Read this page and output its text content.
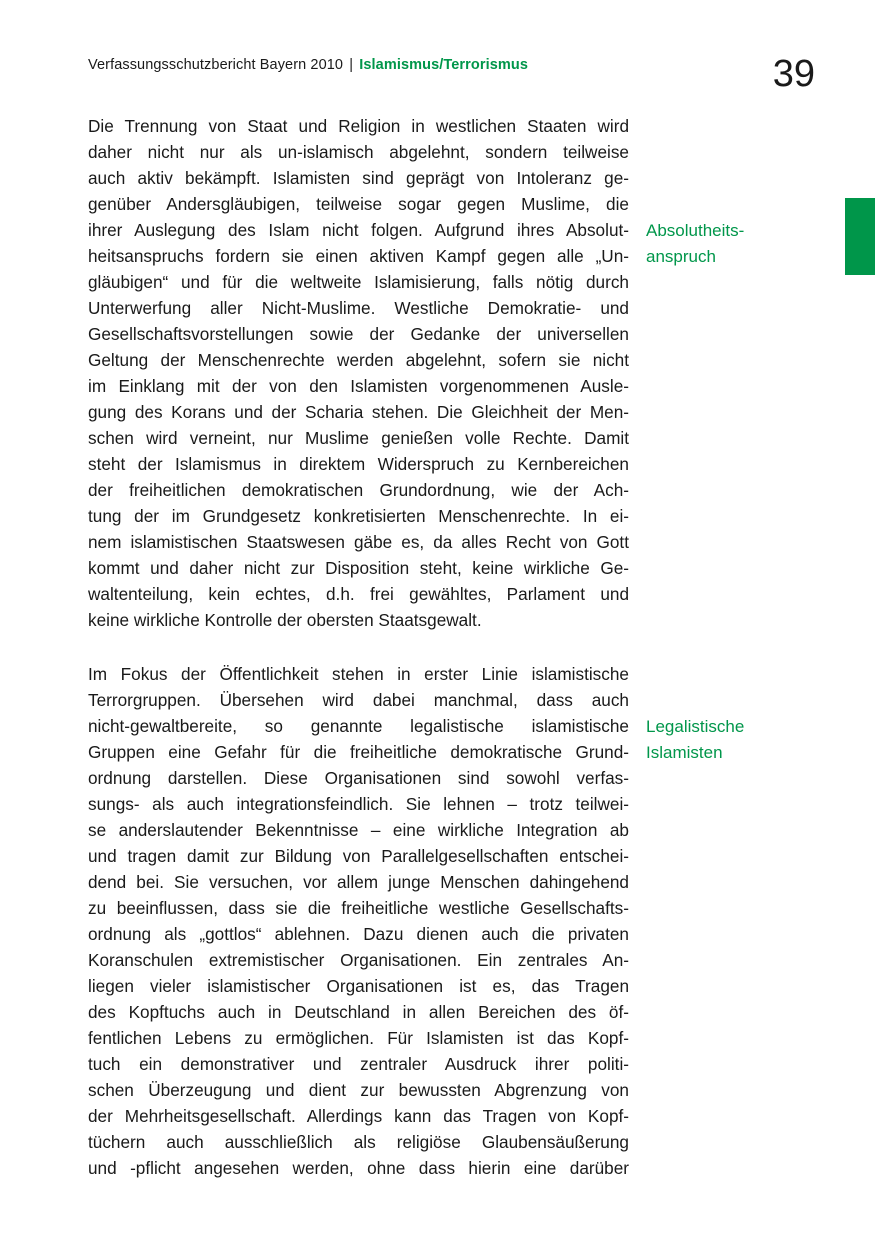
Verfassungsschutzbericht Bayern 2010 | Islamismus/Terrorismus	39
Die Trennung von Staat und Religion in westlichen Staaten wird
daher nicht nur als un-islamisch abgelehnt, sondern teilweise
auch aktiv bekämpft. Islamisten sind geprägt von Intoleranz ge-
genüber Andersgläubigen, teilweise sogar gegen Muslime, die
ihrer Auslegung des Islam nicht folgen. Aufgrund ihres Absolut-
heitsanspruchs fordern sie einen aktiven Kampf gegen alle „Un-
gläubigen“ und für die weltweite Islamisierung, falls nötig durch
Unterwerfung aller Nicht-Muslime. Westliche Demokratie- und
Gesellschaftsvorstellungen sowie der Gedanke der universellen
Geltung der Menschenrechte werden abgelehnt, sofern sie nicht
im Einklang mit der von den Islamisten vorgenommenen Ausle-
gung des Korans und der Scharia stehen. Die Gleichheit der Men-
schen wird verneint, nur Muslime genießen volle Rechte. Damit
steht der Islamismus in direktem Widerspruch zu Kernbereichen
der freiheitlichen demokratischen Grundordnung, wie der Ach-
tung der im Grundgesetz konkretisierten Menschenrechte. In ei-
nem islamistischen Staatswesen gäbe es, da alles Recht von Gott
kommt und daher nicht zur Disposition steht, keine wirkliche Ge-
waltenteilung, kein echtes, d.h. frei gewähltes, Parlament und
keine wirkliche Kontrolle der obersten Staatsgewalt.
Im Fokus der Öffentlichkeit stehen in erster Linie islamistische
Terrorgruppen. Übersehen wird dabei manchmal, dass auch
nicht-gewaltbereite, so genannte legalistische islamistische
Gruppen eine Gefahr für die freiheitliche demokratische Grund-
ordnung darstellen. Diese Organisationen sind sowohl verfas-
sungs- als auch integrationsfeindlich. Sie lehnen – trotz teilwei-
se anderslautender Bekenntnisse – eine wirkliche Integration ab
und tragen damit zur Bildung von Parallelgesellschaften entschei-
dend bei. Sie versuchen, vor allem junge Menschen dahingehend
zu beeinflussen, dass sie die freiheitliche westliche Gesellschafts-
ordnung als „gottlos“ ablehnen. Dazu dienen auch die privaten
Koranschulen extremistischer Organisationen. Ein zentrales An-
liegen vieler islamistischer Organisationen ist es, das Tragen
des Kopftuchs auch in Deutschland in allen Bereichen des öf-
fentlichen Lebens zu ermöglichen. Für Islamisten ist das Kopf-
tuch ein demonstrativer und zentraler Ausdruck ihrer politi-
schen Überzeugung und dient zur bewussten Abgrenzung von
der Mehrheitsgesellschaft. Allerdings kann das Tragen von Kopf-
tüchern auch ausschließlich als religiöse Glaubensäußerung
und -pflicht angesehen werden, ohne dass hierin eine darüber
Absolutheits-
anspruch
Legalistische
Islamisten
